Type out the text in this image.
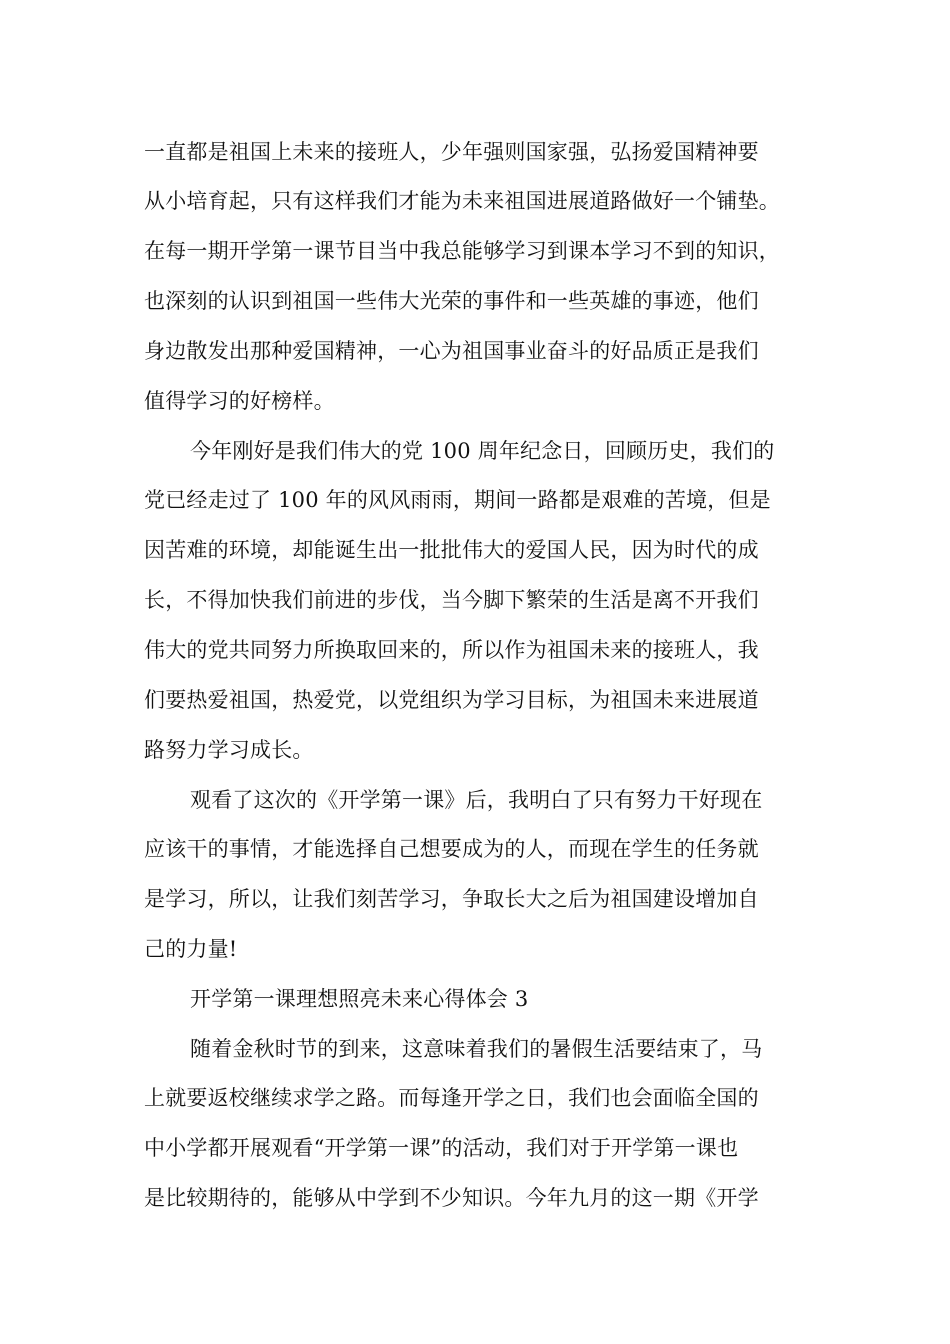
一直都是祖国上未来的接班人，少年强则国家强，弘扬爱国精神要

从小培育起，只有这样我们才能为未来祖国进展道路做好一个铺垫。

在每一期开学第一课节目当中我总能够学习到课本学习不到的知识，

也深刻的认识到祖国一些伟大光荣的事件和一些英雄的事迹，他们

身边散发出那种爱国精神，一心为祖国事业奋斗的好品质正是我们

值得学习的好榜样。

今年刚好是我们伟大的党 100 周年纪念日，回顾历史，我们的

党已经走过了 100 年的风风雨雨，期间一路都是艰难的苦境，但是

因苦难的环境，却能诞生出一批批伟大的爱国人民，因为时代的成

长，不得加快我们前进的步伐，当今脚下繁荣的生活是离不开我们

伟大的党共同努力所换取回来的，所以作为祖国未来的接班人，我

们要热爱祖国，热爱党，以党组织为学习目标，为祖国未来进展道

路努力学习成长。

观看了这次的《开学第一课》后，我明白了只有努力干好现在

应该干的事情，才能选择自己想要成为的人，而现在学生的任务就

是学习，所以，让我们刻苦学习，争取长大之后为祖国建设增加自

己的力量!

开学第一课理想照亮未来心得体会 3

随着金秋时节的到来，这意味着我们的暑假生活要结束了，马

上就要返校继续求学之路。而每逢开学之日，我们也会面临全国的

中小学都开展观看“开学第一课”的活动，我们对于开学第一课也

是比较期待的，能够从中学到不少知识。今年九月的这一期《开学
